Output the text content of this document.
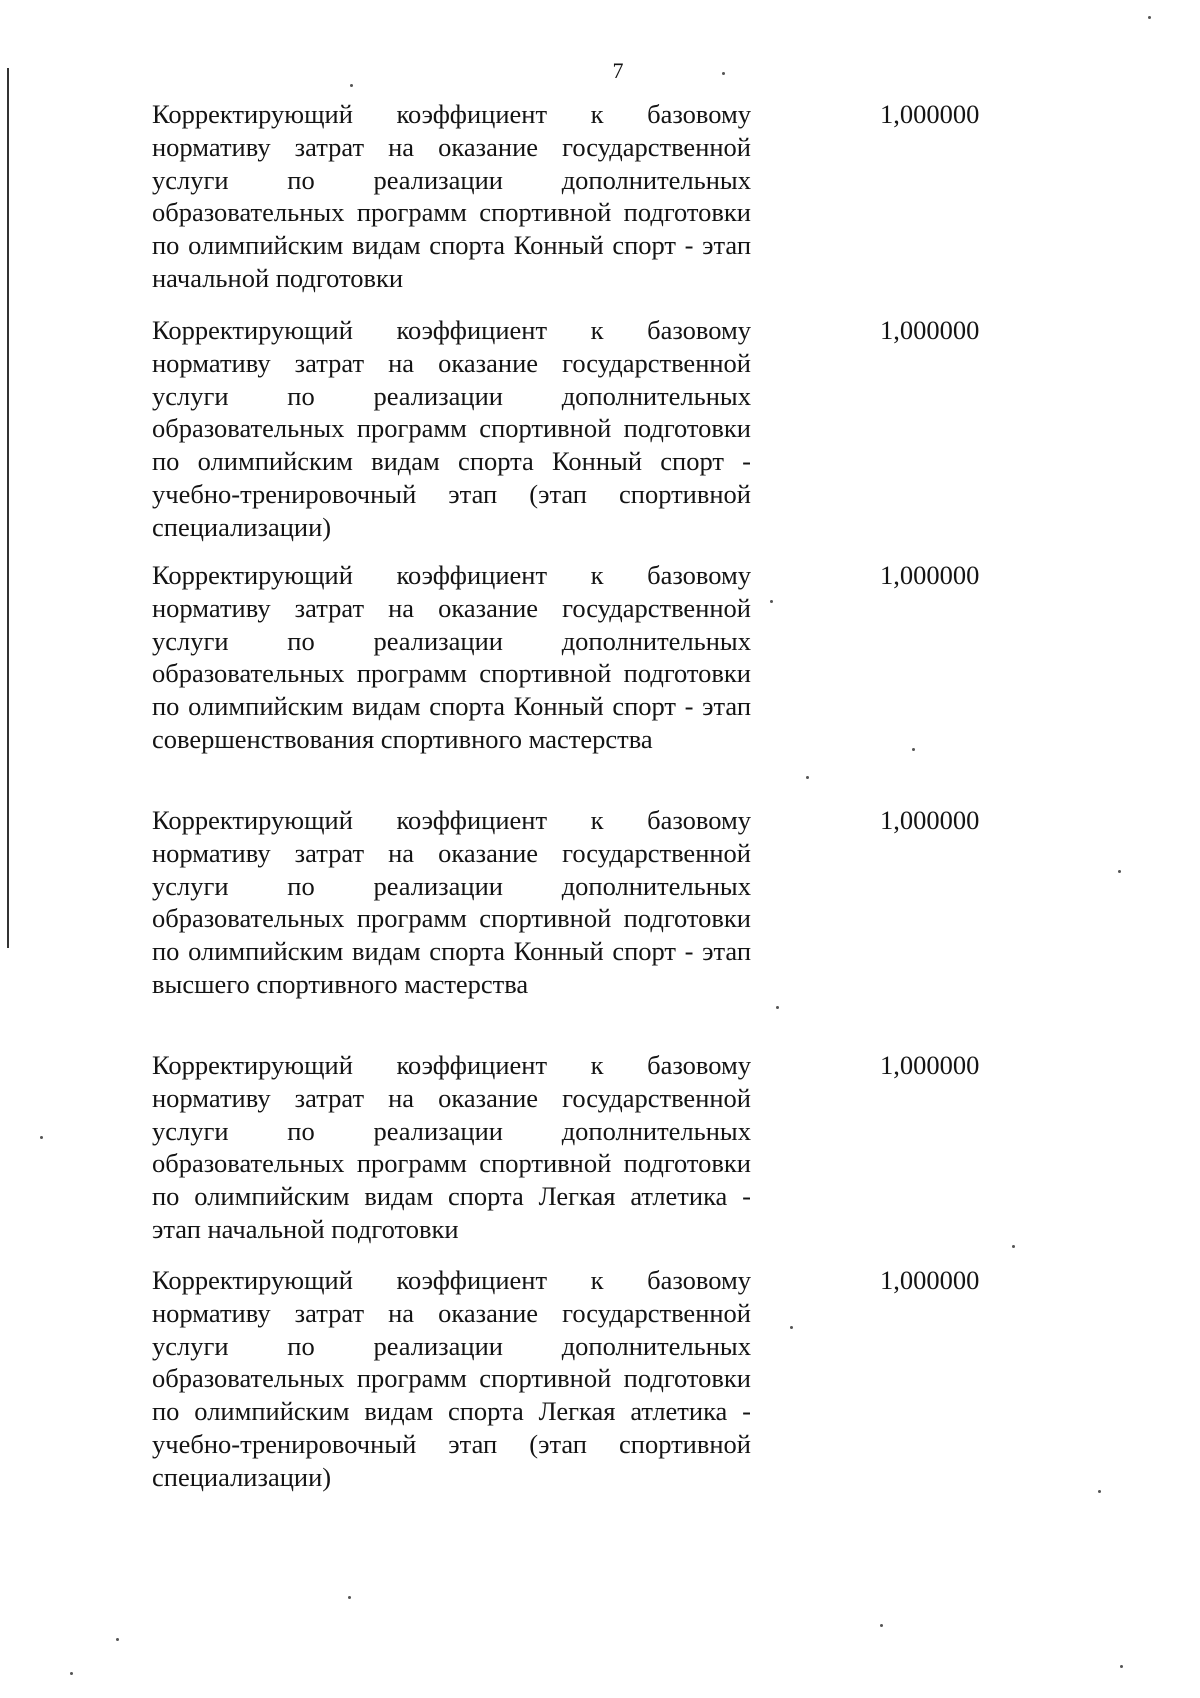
7
Корректирующий коэффициент к базовому нормативу затрат на оказание государственной услуги по реализации дополнительных образовательных программ спортивной подготовки по олимпийским видам спорта Конный спорт - этап начальной подготовки
1,000000
Корректирующий коэффициент к базовому нормативу затрат на оказание государственной услуги по реализации дополнительных образовательных программ спортивной подготовки по олимпийским видам спорта Конный спорт - учебно-тренировочный этап (этап спортивной специализации)
1,000000
Корректирующий коэффициент к базовому нормативу затрат на оказание государственной услуги по реализации дополнительных образовательных программ спортивной подготовки по олимпийским видам спорта Конный спорт - этап совершенствования спортивного мастерства
1,000000
Корректирующий коэффициент к базовому нормативу затрат на оказание государственной услуги по реализации дополнительных образовательных программ спортивной подготовки по олимпийским видам спорта Конный спорт - этап высшего спортивного мастерства
1,000000
Корректирующий коэффициент к базовому нормативу затрат на оказание государственной услуги по реализации дополнительных образовательных программ спортивной подготовки по олимпийским видам спорта Легкая атлетика - этап начальной подготовки
1,000000
Корректирующий коэффициент к базовому нормативу затрат на оказание государственной услуги по реализации дополнительных образовательных программ спортивной подготовки по олимпийским видам спорта Легкая атлетика - учебно-тренировочный этап (этап спортивной специализации)
1,000000
